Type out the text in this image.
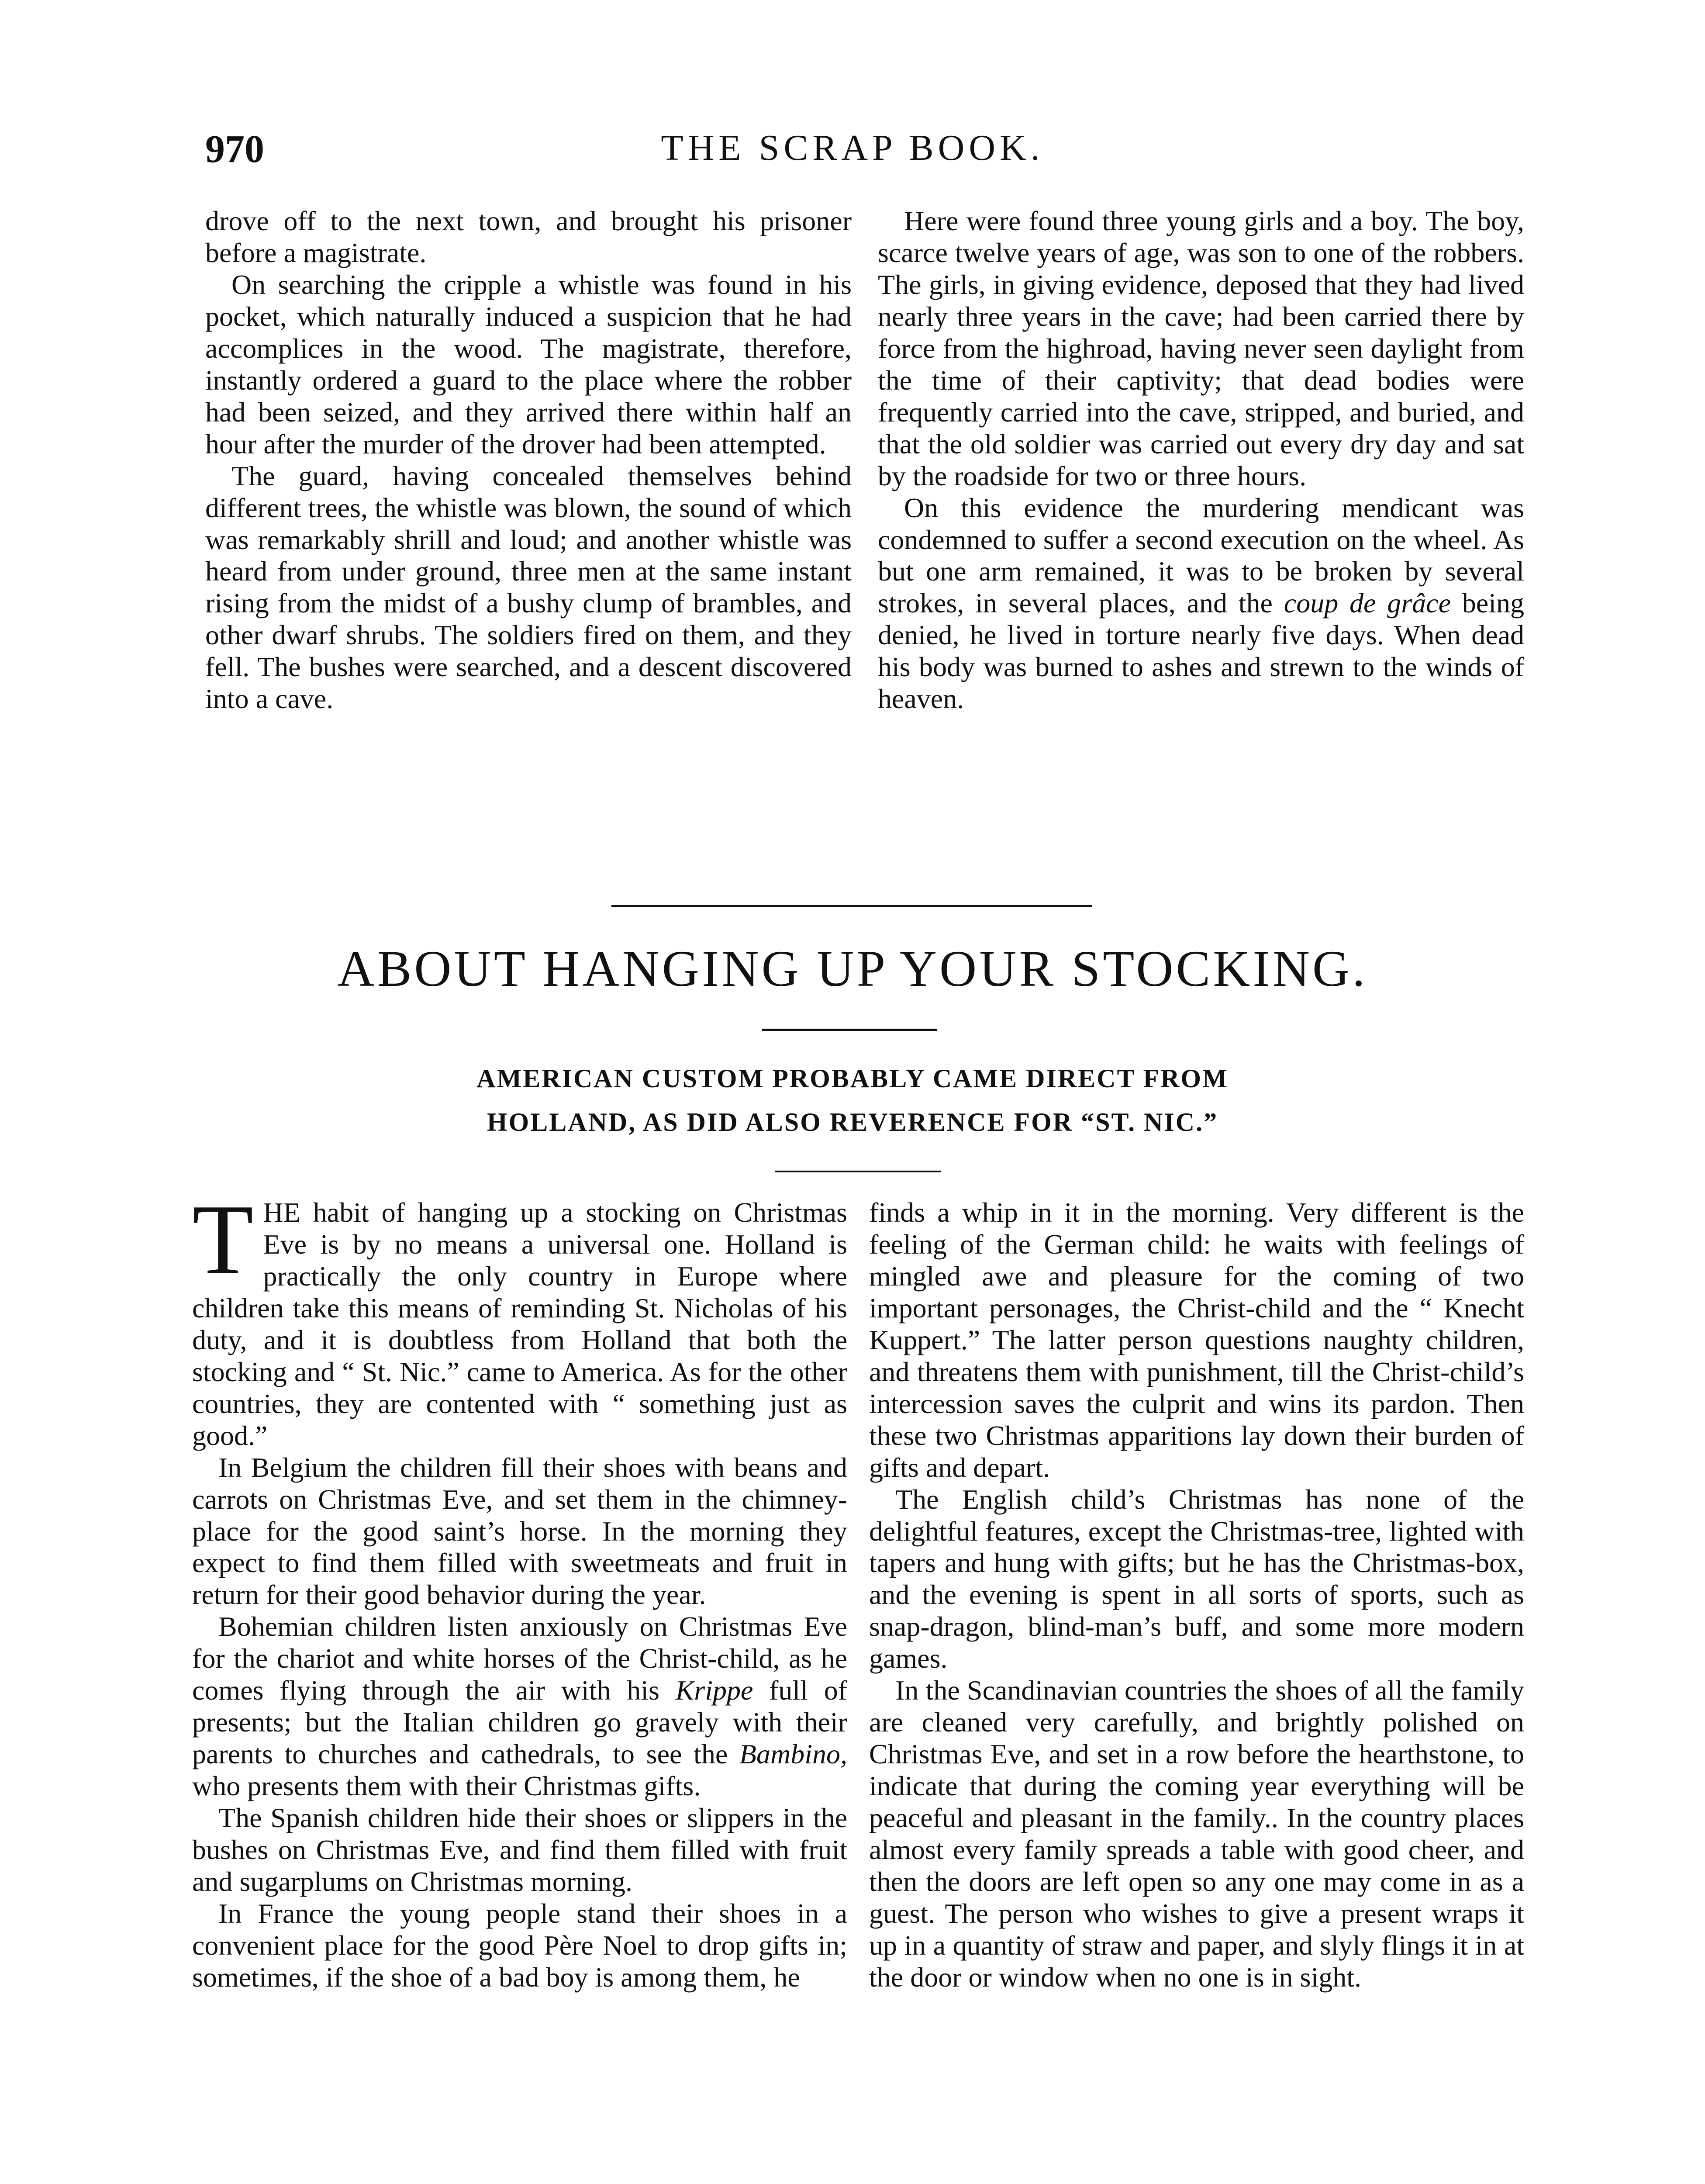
970	THE SCRAP BOOK.

drove off to the next town, and brought his prisoner before a magistrate.

On searching the cripple a whistle was found in his pocket, which naturally induced a suspicion that he had accomplices in the wood. The magistrate, therefore, instantly ordered a guard to the place where the robber had been seized, and they arrived there within half an hour after the murder of the drover had been attempted.

The guard, having concealed themselves behind different trees, the whistle was blown, the sound of which was remarkably shrill and loud; and another whistle was heard from under ground, three men at the same instant rising from the midst of a bushy clump of brambles, and other dwarf shrubs. The soldiers fired on them, and they fell. The bushes were searched, and a descent discovered into a cave.

Here were found three young girls and a boy. The boy, scarce twelve years of age, was son to one of the robbers. The girls, in giving evidence, deposed that they had lived nearly three years in the cave; had been carried there by force from the highroad, having never seen daylight from the time of their captivity; that dead bodies were frequently carried into the cave, stripped, and buried, and that the old soldier was carried out every dry day and sat by the roadside for two or three hours.

On this evidence the murdering mendicant was condemned to suffer a second execution on the wheel. As but one arm remained, it was to be broken by several strokes, in several places, and the coup de grâce being denied, he lived in torture nearly five days. When dead his body was burned to ashes and strewn to the winds of heaven.

ABOUT HANGING UP YOUR STOCKING.
AMERICAN CUSTOM PROBABLY CAME DIRECT FROM
HOLLAND, AS DID ALSO REVERENCE FOR “ST. NIC.”

THE habit of hanging up a stocking on Christmas Eve is by no means a universal one. Holland is practically the only country in Europe where children take this means of reminding St. Nicholas of his duty, and it is doubtless from Holland that both the stocking and “ St. Nic.” came to America. As for the other countries, they are contented with “ something just as good.”

In Belgium the children fill their shoes with beans and carrots on Christmas Eve, and set them in the chimney-place for the good saint’s horse. In the morning they expect to find them filled with sweetmeats and fruit in return for their good behavior during the year.

Bohemian children listen anxiously on Christmas Eve for the chariot and white horses of the Christ-child, as he comes flying through the air with his Krippe full of presents; but the Italian children go gravely with their parents to churches and cathedrals, to see the Bambino, who presents them with their Christmas gifts.

The Spanish children hide their shoes or slippers in the bushes on Christmas Eve, and find them filled with fruit and sugarplums on Christmas morning.

In France the young people stand their shoes in a convenient place for the good Père Noel to drop gifts in; sometimes, if the shoe of a bad boy is among them, he

finds a whip in it in the morning. Very different is the feeling of the German child: he waits with feelings of mingled awe and pleasure for the coming of two important personages, the Christ-child and the “ Knecht Kuppert.” The latter person questions naughty children, and threatens them with punishment, till the Christ-child’s intercession saves the culprit and wins its pardon. Then these two Christmas apparitions lay down their burden of gifts and depart.

The English child’s Christmas has none of the delightful features, except the Christmas-tree, lighted with tapers and hung with gifts; but he has the Christmas-box, and the evening is spent in all sorts of sports, such as snap-dragon, blind-man’s buff, and some more modern games.

In the Scandinavian countries the shoes of all the family are cleaned very carefully, and brightly polished on Christmas Eve, and set in a row before the hearthstone, to indicate that during the coming year everything will be peaceful and pleasant in the family.. In the country places almost every family spreads a table with good cheer, and then the doors are left open so any one may come in as a guest. The person who wishes to give a present wraps it up in a quantity of straw and paper, and slyly flings it in at the door or window when no one is in sight.
